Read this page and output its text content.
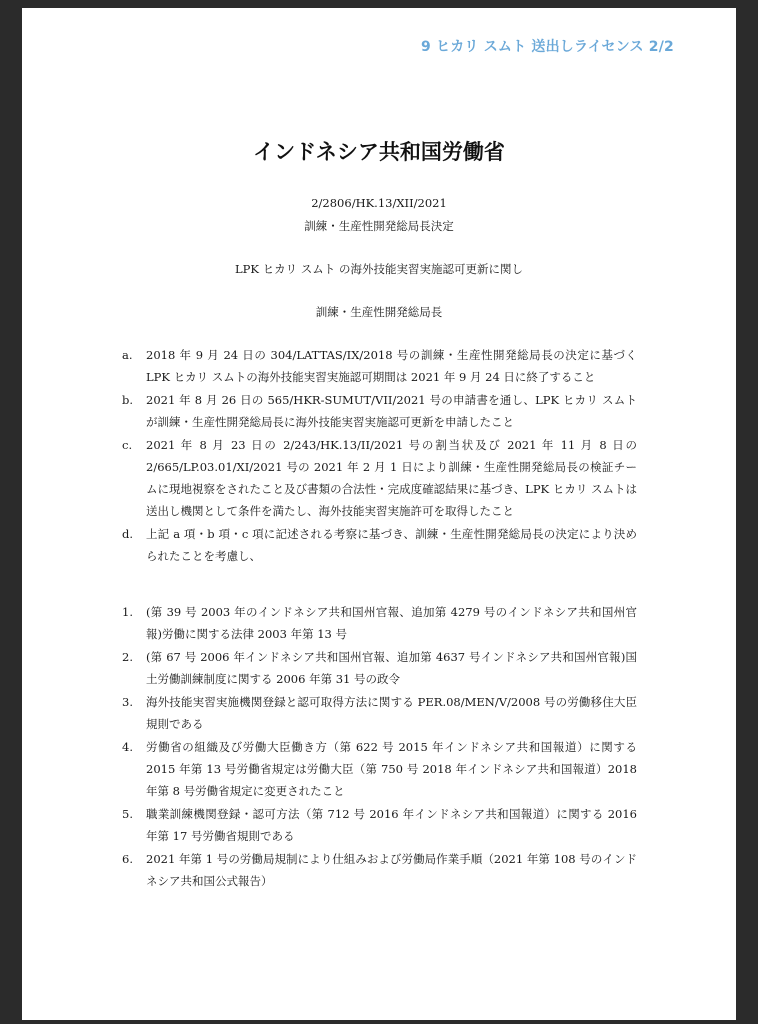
9 ヒカリ スムト 送出しライセンス 2/2
インドネシア共和国労働省
2/2806/HK.13/XII/2021
訓練・生産性開発総局長決定
LPK ヒカリ スムト の海外技能実習実施認可更新に関し
訓練・生産性開発総局長
a. 2018 年 9 月 24 日の 304/LATTAS/IX/2018 号の訓練・生産性開発総局長の決定に基づく LPK ヒカリ スムトの海外技能実習実施認可期間は 2021 年 9 月 24 日に終了すること
b. 2021 年 8 月 26 日の 565/HKR-SUMUT/VII/2021 号の申請書を通し、LPK ヒカリ スムトが訓練・生産性開発総局長に海外技能実習実施認可更新を申請したこと
c. 2021 年 8 月 23 日の 2/243/HK.13/II/2021 号の割当状及び 2021 年 11 月 8 日の 2/665/LP.03.01/XI/2021 号の 2021 年 2 月 1 日により訓練・生産性開発総局長の検証チームに現地視察をされたこと及び書類の合法性・完成度確認結果に基づき、LPK ヒカリ スムトは送出し機関として条件を満たし、海外技能実習実施許可を取得したこと
d. 上記 a 項・b 項・c 項に記述される考察に基づき、訓練・生産性開発総局長の決定により決められたことを考慮し、
1. (第 39 号 2003 年のインドネシア共和国州官報、追加第 4279 号のインドネシア共和国州官報)労働に関する法律 2003 年第 13 号
2. (第 67 号 2006 年インドネシア共和国州官報、追加第 4637 号インドネシア共和国州官報)国土労働訓練制度に関する 2006 年第 31 号の政令
3. 海外技能実習実施機関登録と認可取得方法に関する PER.08/MEN/V/2008 号の労働移住大臣規則である
4. 労働省の組織及び労働大臣働き方（第 622 号 2015 年インドネシア共和国報道）に関する 2015 年第 13 号労働省規定は労働大臣（第 750 号 2018 年インドネシア共和国報道）2018 年第 8 号労働省規定に変更されたこと
5. 職業訓練機関登録・認可方法（第 712 号 2016 年インドネシア共和国報道）に関する 2016 年第 17 号労働省規則である
6. 2021 年第 1 号の労働局規制により仕組みおよび労働局作業手順（2021 年第 108 号のインドネシア共和国公式報告）
